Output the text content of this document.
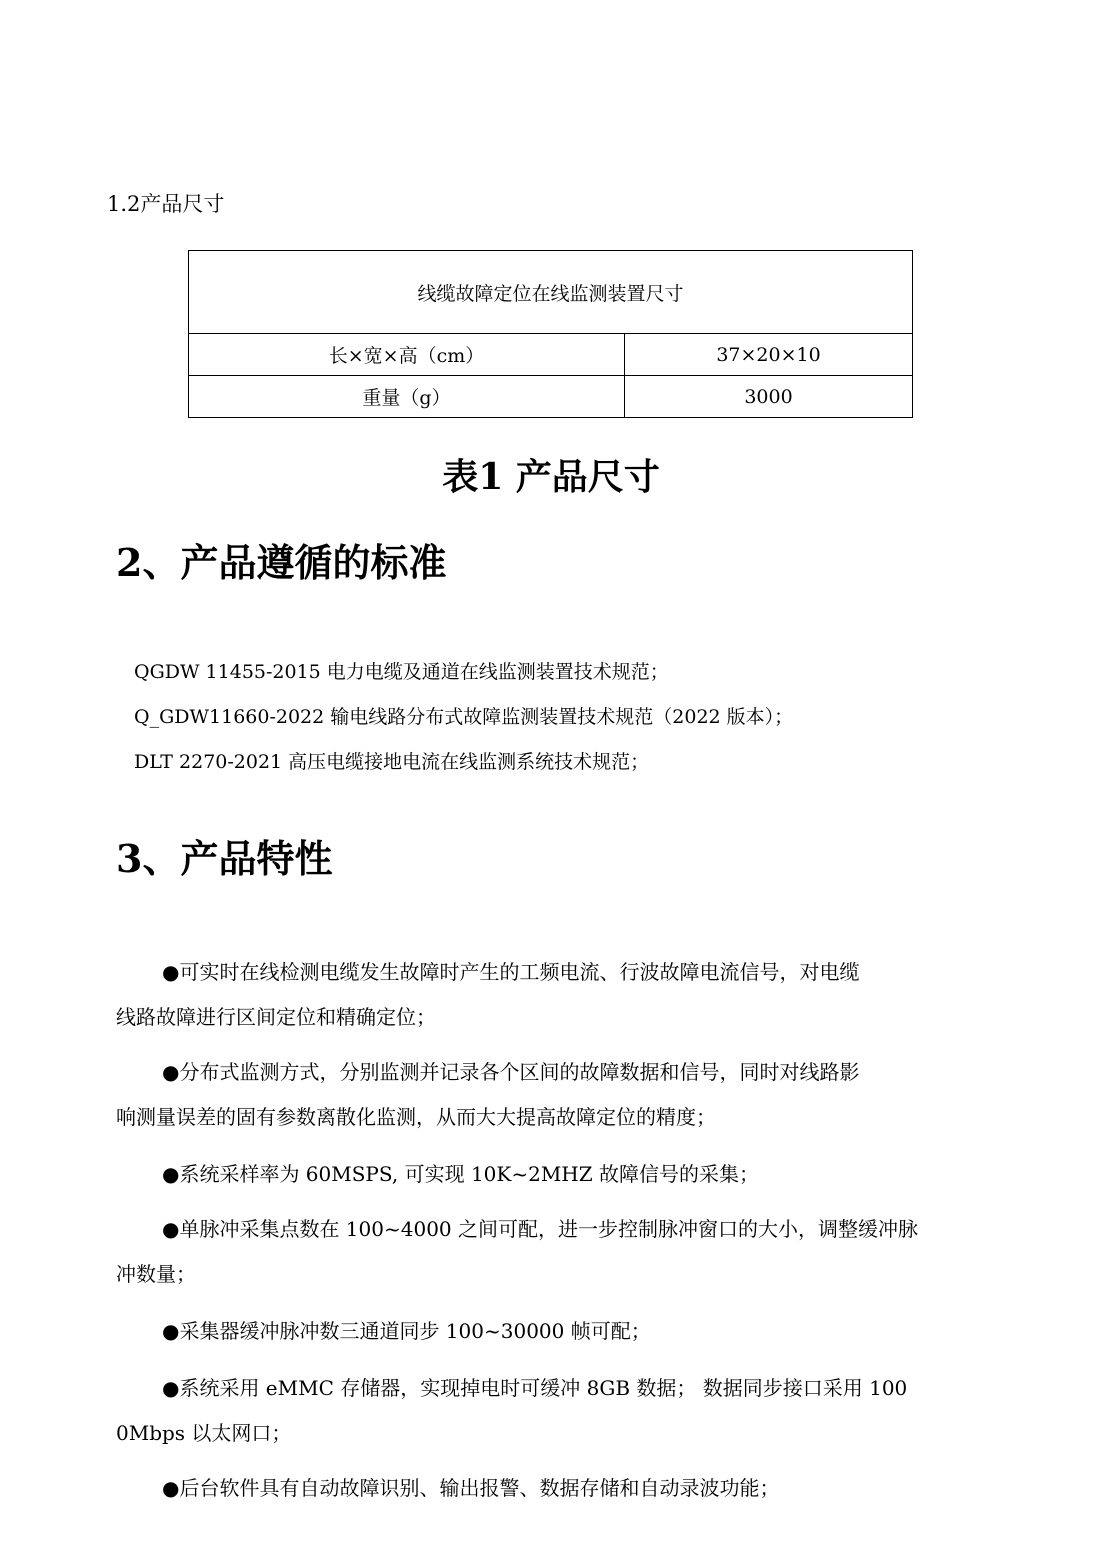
1.2产品尺寸
线缆故障定位在线监测装置尺寸	
长×宽×高（cm）	37×20×10
重量（g）	3000
表1 产品尺寸
2、产品遵循的标准
QGDW 11455-2015 电力电缆及通道在线监测装置技术规范；
Q_GDW11660-2022 输电线路分布式故障监测装置技术规范（2022 版本）；
DLT 2270-2021 高压电缆接地电流在线监测系统技术规范；
3、产品特性
●可实时在线检测电缆发生故障时产生的工频电流、行波故障电流信号，对电缆
线路故障进行区间定位和精确定位；
●分布式监测方式，分别监测并记录各个区间的故障数据和信号，同时对线路影
响测量误差的固有参数离散化监测，从而大大提高故障定位的精度；
●系统采样率为 60MSPS, 可实现 10K~2MHZ 故障信号的采集；
●单脉冲采集点数在 100~4000 之间可配，进一步控制脉冲窗口的大小，调整缓冲脉
冲数量；
●采集器缓冲脉冲数三通道同步 100~30000 帧可配；
●系统采用 eMMC 存储器，实现掉电时可缓冲 8GB 数据； 数据同步接口采用 100
0Mbps 以太网口；
●后台软件具有自动故障识别、输出报警、数据存储和自动录波功能；
